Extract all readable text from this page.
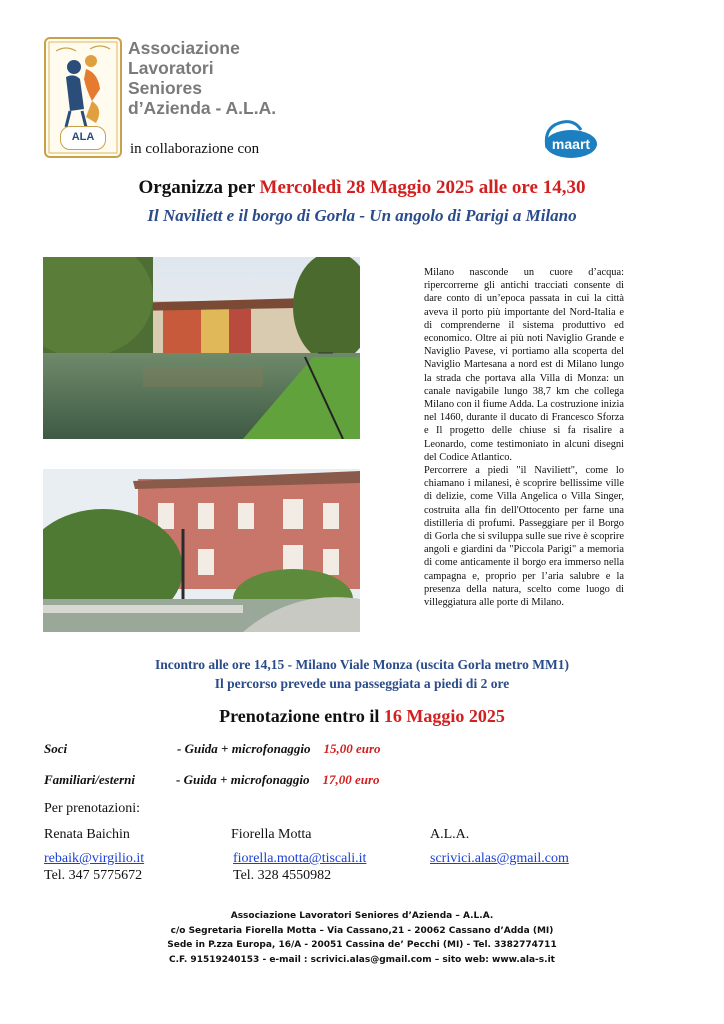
ALA
Associazione
Lavoratori
Seniores
d’Azienda - A.L.A.
in collaborazione con	maart
Organizza per Mercoledì 28 Maggio 2025 alle ore 14,30
Il Naviliett e il borgo di Gorla - Un angolo di Parigi a Milano

Milano nasconde un cuore d’acqua: ripercorrerne gli antichi tracciati consente di dare conto di un’epoca passata in cui la città aveva il porto più importante del Nord-Italia e di comprenderne il sistema produttivo ed economico. Oltre ai più noti Naviglio Grande e Naviglio Pavese, vi portiamo alla scoperta del Naviglio Martesana a nord est di Milano lungo la strada che portava alla Villa di Monza: un canale navigabile lungo 38,7 km che collega Milano con il fiume Adda. La costruzione inizia nel 1460, durante il ducato di Francesco Sforza e Il progetto delle chiuse si fa risalire a Leonardo, come testimoniato in alcuni disegni del Codice Atlantico.

Percorrere a piedi "il Naviliett", come lo chiamano i milanesi, è scoprire bellissime ville di delizie, come Villa Angelica o Villa Singer, costruita alla fin dell'Ottocento per farne una distilleria di profumi. Passeggiare per il Borgo di Gorla che si sviluppa sulle sue rive è scoprire angoli e giardini da "Piccola Parigi" a memoria di come anticamente il borgo era immerso nella campagna e, proprio per l’aria salubre e la presenza della natura, scelto come luogo di villeggiatura alle porte di Milano.

Incontro alle ore 14,15 - Milano Viale Monza (uscita Gorla metro MM1)
Il percorso prevede una passeggiata a piedi di 2 ore
Prenotazione entro il 16 Maggio 2025
Soci	- Guida + microfonaggio 15,00 euro
Familiari/esterni	- Guida + microfonaggio 17,00 euro
Per prenotazioni:
Renata Baichin	Fiorella Motta	A.L.A.
rebaik@virgilio.it	fiorella.motta@tiscali.it	scrivici.alas@gmail.com
Tel. 347 5775672	Tel. 328 4550982
Associazione Lavoratori Seniores d’Azienda – A.L.A.
c/o Segretaria Fiorella Motta – Via Cassano,21 - 20062 Cassano d’Adda (MI)
Sede in P.zza Europa, 16/A - 20051 Cassina de’ Pecchi (MI) - Tel. 3382774711
C.F. 91519240153 - e-mail : scrivici.alas@gmail.com – sito web: www.ala-s.it
